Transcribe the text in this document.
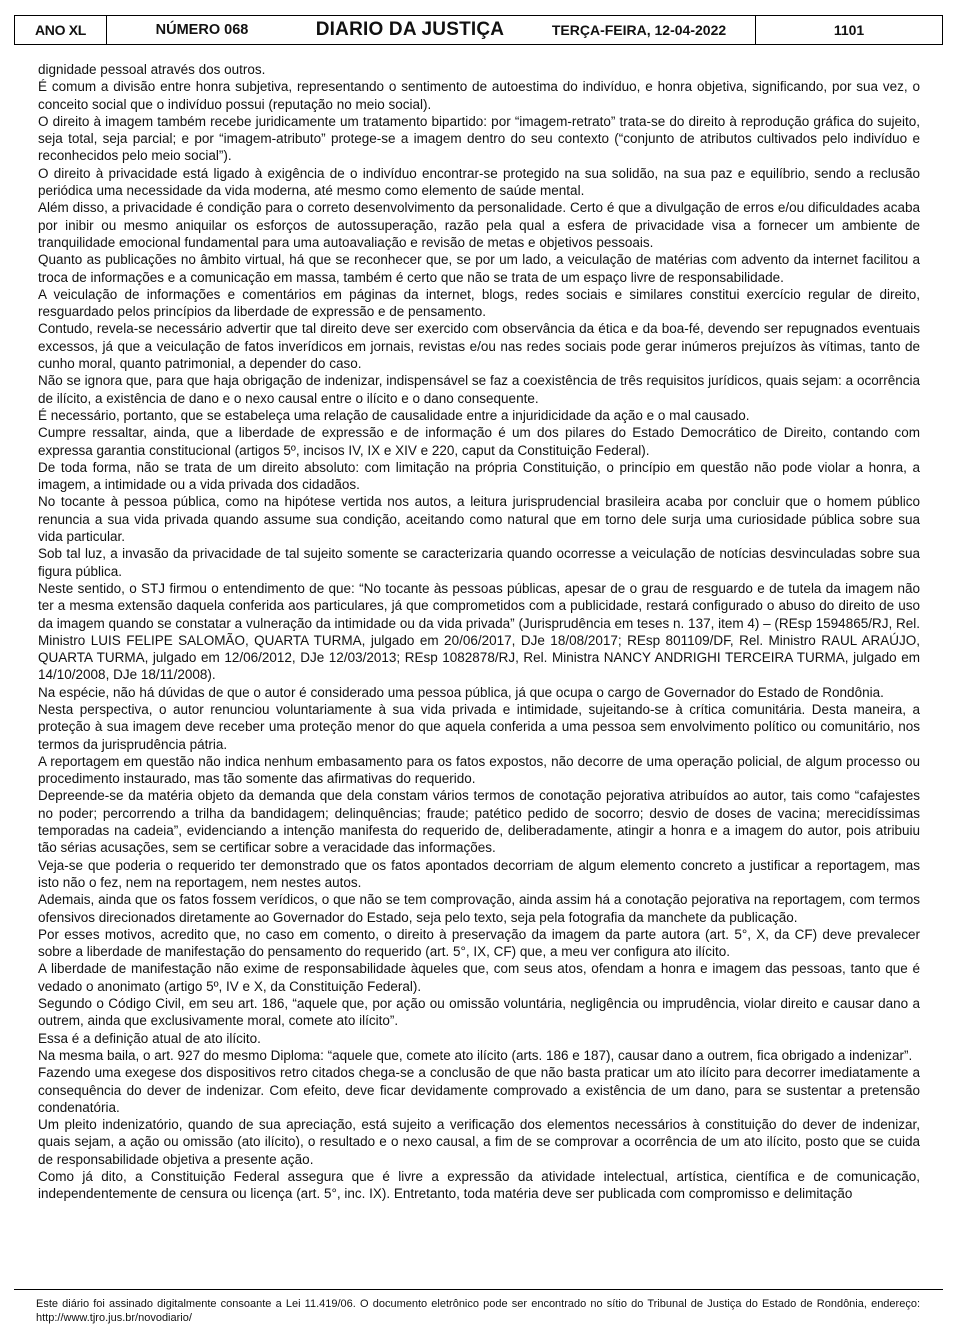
ANO XL	NÚMERO 068	DIARIO DA JUSTIÇA	TERÇA-FEIRA, 12-04-2022	1101

dignidade pessoal através dos outros.

É comum a divisão entre honra subjetiva, representando o sentimento de autoestima do indivíduo, e honra objetiva, significando, por sua vez, o conceito social que o indivíduo possui (reputação no meio social).

O direito à imagem também recebe juridicamente um tratamento bipartido: por “imagem-retrato” trata-se do direito à reprodução gráfica do sujeito, seja total, seja parcial; e por “imagem-atributo” protege-se a imagem dentro do seu contexto (“conjunto de atributos cultivados pelo indivíduo e reconhecidos pelo meio social”).

O direito à privacidade está ligado à exigência de o indivíduo encontrar-se protegido na sua solidão, na sua paz e equilíbrio, sendo a reclusão periódica uma necessidade da vida moderna, até mesmo como elemento de saúde mental.

Além disso, a privacidade é condição para o correto desenvolvimento da personalidade. Certo é que a divulgação de erros e/ou dificuldades acaba por inibir ou mesmo aniquilar os esforços de autossuperação, razão pela qual a esfera de privacidade visa a fornecer um ambiente de tranquilidade emocional fundamental para uma autoavaliação e revisão de metas e objetivos pessoais.

Quanto as publicações no âmbito virtual, há que se reconhecer que, se por um lado, a veiculação de matérias com advento da internet facilitou a troca de informações e a comunicação em massa, também é certo que não se trata de um espaço livre de responsabilidade.

A veiculação de informações e comentários em páginas da internet, blogs, redes sociais e similares constitui exercício regular de direito, resguardado pelos princípios da liberdade de expressão e de pensamento.

Contudo, revela-se necessário advertir que tal direito deve ser exercido com observância da ética e da boa-fé, devendo ser repugnados eventuais excessos, já que a veiculação de fatos inverídicos em jornais, revistas e/ou nas redes sociais pode gerar inúmeros prejuízos às vítimas, tanto de cunho moral, quanto patrimonial, a depender do caso.

Não se ignora que, para que haja obrigação de indenizar, indispensável se faz a coexistência de três requisitos jurídicos, quais sejam: a ocorrência de ilícito, a existência de dano e o nexo causal entre o ilícito e o dano consequente.

É necessário, portanto, que se estabeleça uma relação de causalidade entre a injuridicidade da ação e o mal causado.

Cumpre ressaltar, ainda, que a liberdade de expressão e de informação é um dos pilares do Estado Democrático de Direito, contando com expressa garantia constitucional (artigos 5º, incisos IV, IX e XIV e 220, caput da Constituição Federal).

De toda forma, não se trata de um direito absoluto: com limitação na própria Constituição, o princípio em questão não pode violar a honra, a imagem, a intimidade ou a vida privada dos cidadãos.

No tocante à pessoa pública, como na hipótese vertida nos autos, a leitura jurisprudencial brasileira acaba por concluir que o homem público renuncia a sua vida privada quando assume sua condição, aceitando como natural que em torno dele surja uma curiosidade pública sobre sua vida particular.

Sob tal luz, a invasão da privacidade de tal sujeito somente se caracterizaria quando ocorresse a veiculação de notícias desvinculadas sobre sua figura pública.

Neste sentido, o STJ firmou o entendimento de que: “No tocante às pessoas públicas, apesar de o grau de resguardo e de tutela da imagem não ter a mesma extensão daquela conferida aos particulares, já que comprometidos com a publicidade, restará configurado o abuso do direito de uso da imagem quando se constatar a vulneração da intimidade ou da vida privada” (Jurisprudência em teses n. 137, item 4) – (REsp 1594865/RJ, Rel. Ministro LUIS FELIPE SALOMÃO, QUARTA TURMA, julgado em 20/06/2017, DJe 18/08/2017; REsp 801109/DF, Rel. Ministro RAUL ARAÚJO, QUARTA TURMA, julgado em 12/06/2012, DJe 12/03/2013; REsp 1082878/RJ, Rel. Ministra NANCY ANDRIGHI TERCEIRA TURMA, julgado em 14/10/2008, DJe 18/11/2008).

Na espécie, não há dúvidas de que o autor é considerado uma pessoa pública, já que ocupa o cargo de Governador do Estado de Rondônia.

Nesta perspectiva, o autor renunciou voluntariamente à sua vida privada e intimidade, sujeitando-se à crítica comunitária. Desta maneira, a proteção à sua imagem deve receber uma proteção menor do que aquela conferida a uma pessoa sem envolvimento político ou comunitário, nos termos da jurisprudência pátria.

A reportagem em questão não indica nenhum embasamento para os fatos expostos, não decorre de uma operação policial, de algum processo ou procedimento instaurado, mas tão somente das afirmativas do requerido.

Depreende-se da matéria objeto da demanda que dela constam vários termos de conotação pejorativa atribuídos ao autor, tais como “cafajestes no poder; percorrendo a trilha da bandidagem; delinquências; fraude; patético pedido de socorro; desvio de doses de vacina; merecidíssimas temporadas na cadeia”, evidenciando a intenção manifesta do requerido de, deliberadamente, atingir a honra e a imagem do autor, pois atribuiu tão sérias acusações, sem se certificar sobre a veracidade das informações.

Veja-se que poderia o requerido ter demonstrado que os fatos apontados decorriam de algum elemento concreto a justificar a reportagem, mas isto não o fez, nem na reportagem, nem nestes autos.

Ademais, ainda que os fatos fossem verídicos, o que não se tem comprovação, ainda assim há a conotação pejorativa na reportagem, com termos ofensivos direcionados diretamente ao Governador do Estado, seja pelo texto, seja pela fotografia da manchete da publicação.

Por esses motivos, acredito que, no caso em comento, o direito à preservação da imagem da parte autora (art. 5°, X, da CF) deve prevalecer sobre a liberdade de manifestação do pensamento do requerido (art. 5°, IX, CF) que, a meu ver configura ato ilícito.

A liberdade de manifestação não exime de responsabilidade àqueles que, com seus atos, ofendam a honra e imagem das pessoas, tanto que é vedado o anonimato (artigo 5º, IV e X, da Constituição Federal).

Segundo o Código Civil, em seu art. 186, “aquele que, por ação ou omissão voluntária, negligência ou imprudência, violar direito e causar dano a outrem, ainda que exclusivamente moral, comete ato ilícito”.

Essa é a definição atual de ato ilícito.

Na mesma baila, o art. 927 do mesmo Diploma: “aquele que, comete ato ilícito (arts. 186 e 187), causar dano a outrem, fica obrigado a indenizar”.

Fazendo uma exegese dos dispositivos retro citados chega-se a conclusão de que não basta praticar um ato ilícito para decorrer imediatamente a consequência do dever de indenizar. Com efeito, deve ficar devidamente comprovado a existência de um dano, para se sustentar a pretensão condenatória.

Um pleito indenizatório, quando de sua apreciação, está sujeito a verificação dos elementos necessários à constituição do dever de indenizar, quais sejam, a ação ou omissão (ato ilícito), o resultado e o nexo causal, a fim de se comprovar a ocorrência de um ato ilícito, posto que se cuida de responsabilidade objetiva a presente ação.

Como já dito, a Constituição Federal assegura que é livre a expressão da atividade intelectual, artística, científica e de comunicação, independentemente de censura ou licença (art. 5°, inc. IX). Entretanto, toda matéria deve ser publicada com compromisso e delimitação

Este diário foi assinado digitalmente consoante a Lei 11.419/06. O documento eletrônico pode ser encontrado no sítio do Tribunal de Justiça do Estado de Rondônia, endereço: http://www.tjro.jus.br/novodiario/
